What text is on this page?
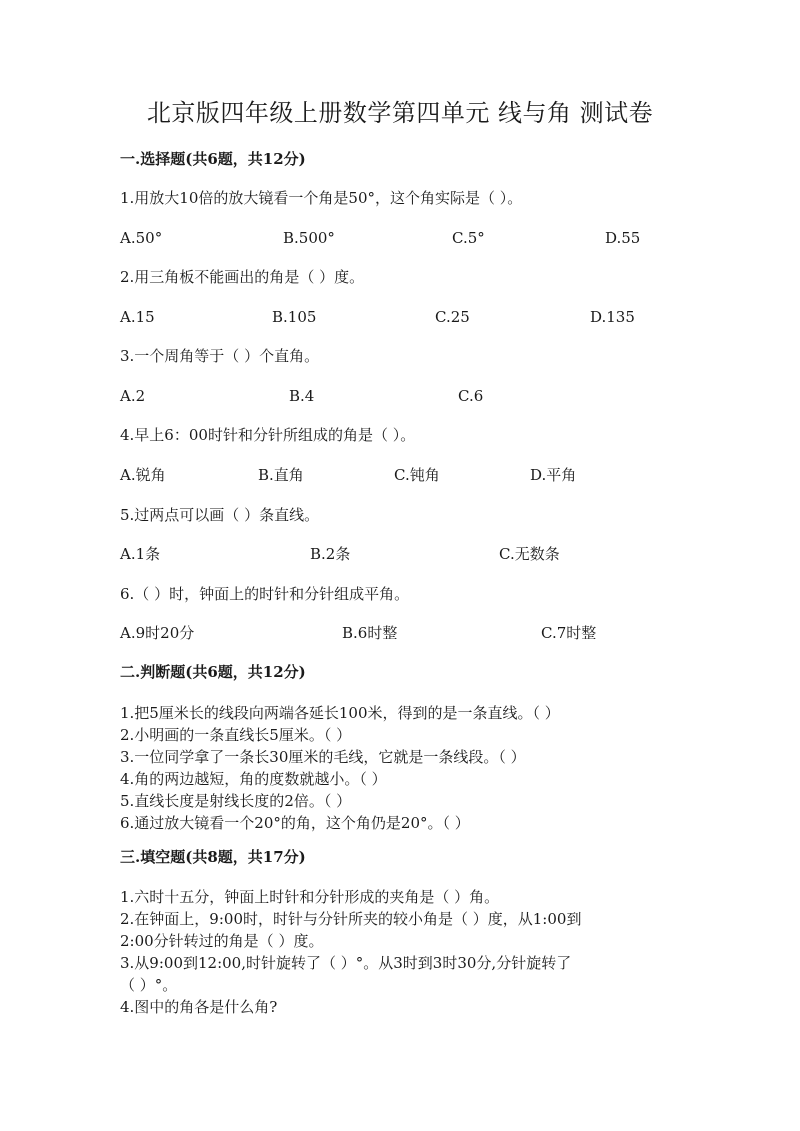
北京版四年级上册数学第四单元 线与角 测试卷
一.选择题(共6题，共12分)
1.用放大10倍的放大镜看一个角是50°，这个角实际是（ ）。
A.50°	B.500°	C.5°	D.55
2.用三角板不能画出的角是（ ）度。
A.15	B.105	C.25	D.135
3.一个周角等于（ ）个直角。
A.2	B.4	C.6
4.早上6：00时针和分针所组成的角是（ ）。
A.锐角	B.直角	C.钝角	D.平角
5.过两点可以画（ ）条直线。
A.1条	B.2条	C.无数条
6.（ ）时，钟面上的时针和分针组成平角。
A.9时20分	B.6时整	C.7时整
二.判断题(共6题，共12分)
1.把5厘米长的线段向两端各延长100米，得到的是一条直线。（ ）
2.小明画的一条直线长5厘米。（ ）
3.一位同学拿了一条长30厘米的毛线，它就是一条线段。（ ）
4.角的两边越短，角的度数就越小。（ ）
5.直线长度是射线长度的2倍。（ ）
6.通过放大镜看一个20°的角，这个角仍是20°。（ ）
三.填空题(共8题，共17分)
1.六时十五分，钟面上时针和分针形成的夹角是（ ）角。
2.在钟面上，9:00时，时针与分针所夹的较小角是（ ）度，从1:00到
2:00分针转过的角是（ ）度。
3.从9:00到12:00,时针旋转了（ ）°。从3时到3时30分,分针旋转了
（ ）°。
4.图中的角各是什么角?
